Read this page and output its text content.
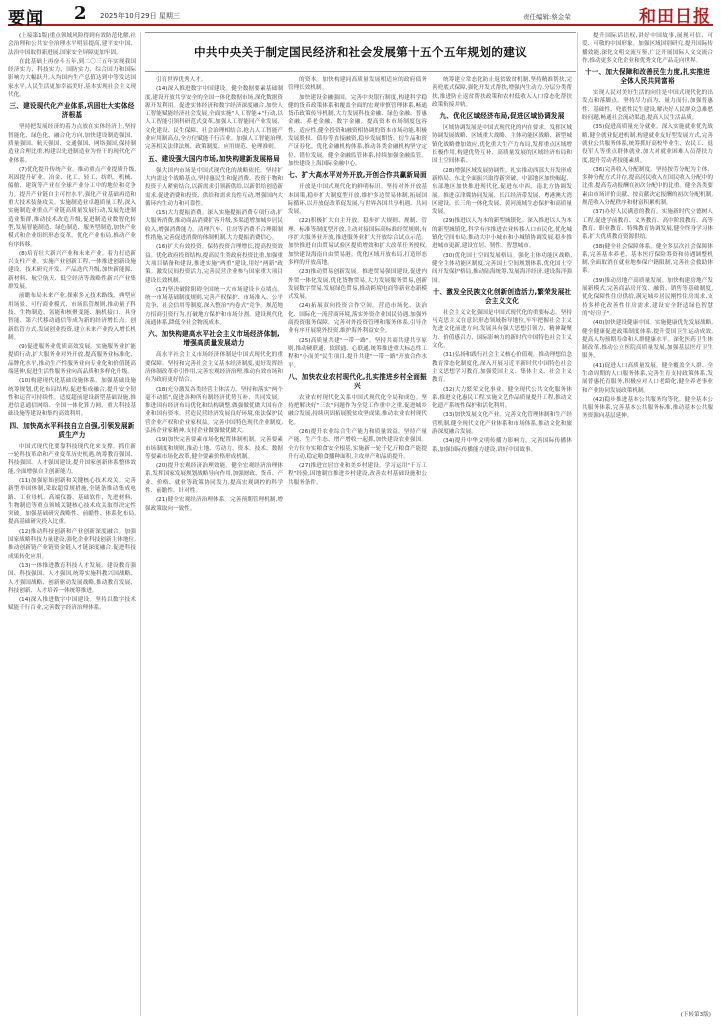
要闻 2 2025年10月29日 星期三	责任编辑:蔡金荣	和田日报
中共中央关于制定国民经济和社会发展第十五个五年规划的建议

(上接第1版)重点领域风险得到有效防范化解,社会治理和公共安全治理水平明显提高,建平安中国、法治中国取得新进展,国家安全屏障更加牢固。

在此基础上再奋斗五年,到二〇三五年实现我国经济实力、科技实力、国防实力、综合国力和国际影响力大幅跃升,人均国内生产总值达到中等发达国家水平,人民生活更加幸福美好,基本实现社会主义现代化。

三、建设现代化产业体系,巩固壮大实体经济根基

坚持把发展经济的着力点放在实体经济上,坚持智能化、绿色化、融合化方向,加快建设制造强国、质量强国、航天强国、交通强国、网络强国,保持制造业合理比重,构建以先进制造业为骨干的现代化产业体系。

(7)优化提升传统产业。推动重点产业提质升级,巩固提升矿业、冶金、化工、轻工、纺织、机械、船舶、建筑等产业在全球产业分工中的地位和竞争力。提升产业链自主可控水平,强化产业基础再造和重大技术装备攻关。实施制造业卓越质量工程,深入实施制造业重点产业链高质量发展行动,发展先进制造业集群,推动技术改造升级,促进制造业数智化转型,发展智能制造、绿色制造、服务型制造,加快产业模式和企业组织形态变革。优化产业布局,推动产业有序转移。

(8)培育壮大新兴产业和未来产业。着力打造新兴支柱产业。实施产业创新工程,一体推进创新设施建设、技术研究开发、产品迭代升级,加快新能源、新材料、航空航天、低空经济等战略性新兴产业集群发展。

前瞻布局未来产业,探索多元技术路线、典型应用场景、可行商业模式、市场监管规则,推动量子科技、生物制造、氢能和核聚变能、脑机接口、具身智能、第六代移动通信等成为新的经济增长点。创新监管方式,发展创业投资,建立未来产业投入增长机制。

(9)促进服务业优质高效发展。实施服务业扩能提质行动,扩大服务业对外开放,提高服务业标准化、品牌化水平,推动生产性服务业向专业化和价值链高端延伸,促进生活性服务业向高品质和多样化升级。

(10)构建现代化基础设施体系。加强基础设施统筹规划,优化布局结构,促进集成融合,提升安全韧性和运营可持续性。适度超前建设新型基础设施,推进信息通信网络、全国一体化算力网、重大科技基础设施等建设和集约高效利用。

四、加快高水平科技自立自强,引领发展新质生产力

中国式现代化要靠科技现代化来支撑。抓住新一轮科技革命和产业变革历史机遇,统筹教育强国、科技强国、人才强国建设,提升国家创新体系整体效能,全面增强自主创新能力。

(11)加强原始创新和关键核心技术攻关。完善新型举国体制,采取超常规措施,全链条推动集成电路、工业母机、高端仪器、基础软件、先进材料、生物制造等重点领域关键核心技术攻关取得决定性突破。加强基础研究战略性、前瞻性、体系化布局,提高基础研究投入比重。

(12)推动科技创新和产业创新深度融合。加强国家战略科技力量建设,强化企业科技创新主体地位,推动创新链产业链资金链人才链深度融合,促进科技成果转化应用。

(13)一体推进教育科技人才发展。建设教育强国、科技强国、人才强国,统筹实施科教兴国战略、人才强国战略、创新驱动发展战略,推动教育发展、科技创新、人才培养一体统筹推进。

(14)深入推进数字中国建设。坚持以数字技术赋能千行百业,完善数字经济治理体系。

引育世界优秀人才。

(14)深入推进数字中国建设。健全数据要素基础制度,建设开放共享安全的全国一体化数据市场,深化数据资源开发利用。促进实体经济和数字经济深度融合,加快人工智能赋能经济社会发展,全面实施"人工智能+"行动,以人工智能引领科研范式变革,加强人工智能同产业发展、文化建设、民生保障、社会治理相结合,抢占人工智能产业应用制高点,全方位赋能千行百业。加强人工智能治理,完善相关法律法规、政策制度、应用规范、伦理准则。

五、建设强大国内市场,加快构建新发展格局

强大国内市场是中国式现代化的战略依托。坚持扩大内需这个战略基点,坚持惠民生和促消费、投资于物和投资于人紧密结合,以新需求引领新供给,以新供给创造新需求,促进消费和投资、供给和需求良性互动,增强国内大循环内生动力和可靠性。

(15)大力提振消费。深入实施提振消费专项行动,扩大服务消费,推动商品消费扩容升级,多渠道增加城乡居民收入,增强消费能力。清理汽车、住房等消费不合理限制性措施,完善促进消费的体制机制,大力提振消费信心。

(16)扩大有效投资。保持投资合理增长,提高投资效益。优化政府投资结构,提高民生类政府投资比重,加强重大项目储备和建设,推进实施"两重"建设,用好"两新"政策。激发民间投资活力,完善民营企业参与国家重大项目建设长效机制。

(17)坚决破除阻碍全国统一大市场建设卡点堵点。统一市场基础制度规则,完善产权保护、市场准入、公平竞争、社会信用等制度,深入整治"内卷式"竞争。规范地方招商引资行为,打破地方保护和市场分割。建设现代化流通体系,降低全社会物流成本。

六、加快构建高水平社会主义市场经济体制,增强高质量发展动力

高水平社会主义市场经济体制是中国式现代化的重要保障。坚持和完善社会主义基本经济制度,更好发挥经济体制改革牵引作用,完善宏观经济治理,推动有效市场和有为政府更好结合。

(18)充分激发各类经营主体活力。坚持和落实"两个毫不动摇",促进各种所有制经济优势互补、共同发展。推进国有经济布局优化和结构调整,做强做优做大国有企业和国有资本。营造民营经济发展良好环境,依法保护民营企业产权和企业家权益。完善中国特色现代企业制度,弘扬企业家精神,支持企业做强做优做大。

(19)加快完善要素市场化配置体制机制。完善要素市场制度和规则,推动土地、劳动力、资本、技术、数据等要素市场化改革,健全要素价格形成机制。

(20)提升宏观经济治理效能。健全宏观经济治理体系,发挥国家发展规划战略导向作用,加强财政、货币、产业、价格、就业等政策协同发力,提高宏观调控的科学性、前瞻性、针对性。

(21)健全宏观经济治理体系。完善预期管理机制,增强政策取向一致性。

的资本。加快构建同高质量发展相适应的政府债务管理长效机制。

加快建设金融强国。完善中央银行制度,构建科学稳健的货币政策体系和覆盖全面的宏观审慎管理体系,畅通货币政策传导机制,大力发展科技金融、绿色金融、普惠金融、养老金融、数字金融。提高资本市场制度包容性、适应性,健全投资和融资相协调的资本市场功能,积极发展股权、债券等直接融资,稳步发展期货、衍生品和资产证券化。优化金融机构体系,推动各类金融机构坚守定位、错位发展。健全金融监管体系,持续加强金融监管。加快建设上海国际金融中心。

七、扩大高水平对外开放,开创合作共赢新局面

开放是中国式现代化的鲜明标识。坚持对外开放基本国策,稳步扩大制度型开放,维护多边贸易体制,拓展国际循环,以开放促改革促发展,与世界各国共享机遇、共同发展。

(22)积极扩大自主开放。稳步扩大规则、规制、管理、标准等制度型开放,主动对接国际高标准经贸规则,有序扩大服务业开放,推进服务业扩大开放综合试点示范。加快推进自由贸易试验区提质增效和扩大改革任务授权,加快建设海南自由贸易港。优化区域开放布局,打造形态多样的开放高地。

(23)推动贸易创新发展。推进贸易强国建设,促进内外贸一体化发展,优化货物贸易,大力发展服务贸易,创新发展数字贸易,发展绿色贸易,推动跨境电商等新业态新模式发展。

(24)拓展双向投资合作空间。营造市场化、法治化、国际化一流营商环境,落实外资企业国民待遇,加强外商投资服务保障。完善对外投资管理和服务体系,引导企业有序开展境外投资,维护海外利益安全。

(25)高质量共建"一带一路"。坚持共商共建共享原则,推动硬联通、软联通、心联通,统筹推进重大标志性工程和"小而美"民生项目,提升共建"一带一路"开放合作水平。

八、加快农业农村现代化,扎实推进乡村全面振兴

农业农村现代化关系中国式现代化全局和成色。坚持把解决好"三农"问题作为全党工作重中之重,促进城乡融合发展,持续巩固拓展脱贫攻坚成果,推动农业农村现代化。

(26)提升农业综合生产能力和质量效益。坚持产量产能、生产生态、增产增收一起抓,加快建设农业强国。全方位夯实粮食安全根基,实施新一轮千亿斤粮食产能提升行动,稳定粮食播种面积,主攻单产和品质提升。

(27)推进宜居宜业和美乡村建设。学习运用"千万工程"经验,因地制宜推进乡村建设,改善农村基础设施和公共服务条件。

统筹建立常态化防止返贫致贫机制,坚持精准帮扶,完善兜底式保障,强化开发式帮扶,增强内生动力,分层分类帮扶,推进防止返贫帮扶政策和农村低收入人口常态化帮扶政策衔接并轨。

九、优化区域经济布局,促进区域协调发展

区域协调发展是中国式现代化的内在要求。发挥区域协调发展战略、区域重大战略、主体功能区战略、新型城镇化战略叠加效应,优化重大生产力布局,发挥重点区域增长极作用,构建优势互补、高质量发展的区域经济布局和国土空间体系。

(28)增强区域发展协调性。扎实推动西部大开发形成新格局、东北全面振兴取得新突破、中部地区加快崛起、东部地区加快推进现代化,促进东中西、南北方协调发展。推进京津冀协同发展、长江经济带发展、粤港澳大湾区建设、长三角一体化发展、黄河流域生态保护和高质量发展。

(29)推进以人为本的新型城镇化。深入推进以人为本的新型城镇化,科学有序推进农业转移人口市民化,优化城镇化空间布局,推动大中小城市和小城镇协调发展,稳步推进城市更新,建设宜居、韧性、智慧城市。

(30)优化国土空间发展格局。强化主体功能区战略,健全主体功能区制度,完善国土空间规划体系,优化国土空间开发保护格局,推动陆海统筹,发展海洋经济,建设海洋强国。

十、激发全民族文化创新创造活力,繁荣发展社会主义文化

社会主义文化强国是中国式现代化的重要标志。坚持马克思主义在意识形态领域指导地位,牢牢把握社会主义先进文化前进方向,发展具有强大思想引领力、精神凝聚力、价值感召力、国际影响力的新时代中国特色社会主义文化。

(31)弘扬和践行社会主义核心价值观。推动理想信念教育常态化制度化,深入开展习近平新时代中国特色社会主义思想学习教育,加强爱国主义、集体主义、社会主义教育。

(32)大力繁荣文化事业。健全现代公共文化服务体系,推进文化惠民工程,实施文艺作品质量提升工程,推动文化遗产系统性保护和活化利用。

(33)加快发展文化产业。完善文化管理体制和生产经营机制,健全现代文化产业体系和市场体系,推动文化和旅游深度融合发展。

(34)提升中华文明传播力影响力。完善国际传播体系,加强国际传播能力建设,讲好中国故事。

提升国际话语权,讲好中国故事,展现可信、可爱、可敬的中国形象。加强区域国别研究,提升国际传播效能,深化文明交流互鉴,广泛开展国际人文交流合作,推动更多文化企业和优秀文化产品走向世界。

十一、加大保障和改善民生力度,扎实推进全体人民共同富裕

实现人民对美好生活的向往是中国式现代化的出发点和落脚点。坚持尽力而为、量力而行,加强普惠性、基础性、兜底性民生建设,解决好人民群众急难愁盼问题,畅通社会流动渠道,提高人民生活品质。

(35)促进高质量充分就业。深入实施就业优先战略,健全就业促进机制,构建就业友好型发展方式,完善就业公共服务体系,统筹抓好高校毕业生、农民工、退役军人等重点群体就业,加大对就业困难人员帮扶力度,提升劳动者技能素质。

(36)完善收入分配制度。坚持按劳分配为主体、多种分配方式并存,提高居民收入在国民收入分配中的比重,提高劳动报酬在初次分配中的比重。健全各类要素由市场评价贡献、按贡献决定报酬的初次分配机制,规范收入分配秩序和财富积累机制。

(37)办好人民满意的教育。实施新时代立德树人工程,促进学前教育、义务教育、高中阶段教育、高等教育、职业教育、特殊教育协调发展,健全终身学习体系,扩大优质教育资源供给。

(38)健全社会保障体系。健全多层次社会保障体系,完善基本养老、基本医疗保险筹资和待遇调整机制,全面取消在就业地参保户籍限制,完善社会救助体系。

(39)推动房地产高质量发展。加快构建房地产发展新模式,完善商品房开发、融资、销售等基础制度,优化保障性住房供给,满足城乡居民刚性住房需求,支持多样化改善性住房需求,建设安全舒适绿色智慧的"好房子"。

(40)加快建设健康中国。实施健康优先发展战略,健全健康促进政策制度体系,提升爱国卫生运动成效,提高人均预期寿命和人群健康水平。深化医药卫生体制改革,推动公立医院高质量发展,加强基层医疗卫生服务。

(41)促进人口高质量发展。健全覆盖全人群、全生命周期的人口服务体系,完善生育支持政策体系,发展普惠托育服务,积极应对人口老龄化,健全养老事业和产业协同发展政策机制。

(42)稳步推进基本公共服务均等化。健全基本公共服务体系,完善基本公共服务标准,推动基本公共服务资源向基层延伸。

(下转第3版)
